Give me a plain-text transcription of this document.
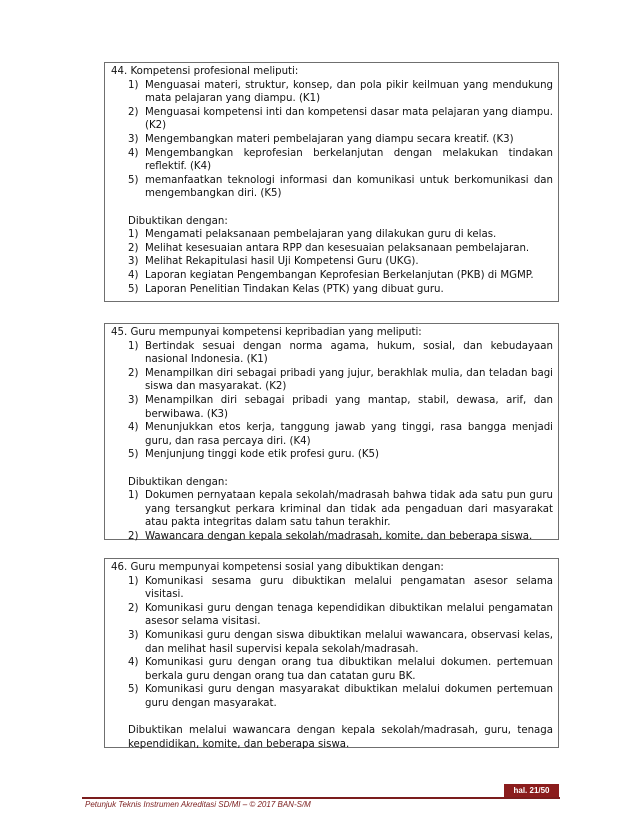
44. Kompetensi profesional meliputi:

1) Menguasai materi, struktur, konsep, dan pola pikir keilmuan yang mendukung mata pelajaran yang diampu. (K1)
2) Menguasai kompetensi inti dan kompetensi dasar mata pelajaran yang diampu. (K2)
3) Mengembangkan materi pembelajaran yang diampu secara kreatif. (K3)
4) Mengembangkan keprofesian berkelanjutan dengan melakukan tindakan reflektif. (K4)
5) memanfaatkan teknologi informasi dan komunikasi untuk berkomunikasi dan mengembangkan diri. (K5)
Dibuktikan dengan:
1) Mengamati pelaksanaan pembelajaran yang dilakukan guru di kelas.
2) Melihat kesesuaian antara RPP dan kesesuaian pelaksanaan pembelajaran.
3) Melihat Rekapitulasi hasil Uji Kompetensi Guru (UKG).
4) Laporan kegiatan Pengembangan Keprofesian Berkelanjutan (PKB) di MGMP.
5) Laporan Penelitian Tindakan Kelas (PTK) yang dibuat guru.

45. Guru mempunyai kompetensi kepribadian yang meliputi:

1) Bertindak sesuai dengan norma agama, hukum, sosial, dan kebudayaan nasional Indonesia. (K1)
2) Menampilkan diri sebagai pribadi yang jujur, berakhlak mulia, dan teladan bagi siswa dan masyarakat. (K2)
3) Menampilkan diri sebagai pribadi yang mantap, stabil, dewasa, arif, dan berwibawa. (K3)
4) Menunjukkan etos kerja, tanggung jawab yang tinggi, rasa bangga menjadi guru, dan rasa percaya diri. (K4)
5) Menjunjung tinggi kode etik profesi guru. (K5)
Dibuktikan dengan:
1) Dokumen pernyataan kepala sekolah/madrasah bahwa tidak ada satu pun guru yang tersangkut perkara kriminal dan tidak ada pengaduan dari masyarakat atau pakta integritas dalam satu tahun terakhir.
2) Wawancara dengan kepala sekolah/madrasah, komite, dan beberapa siswa.

46. Guru mempunyai kompetensi sosial yang dibuktikan dengan:

1) Komunikasi sesama guru dibuktikan melalui pengamatan asesor selama visitasi.
2) Komunikasi guru dengan tenaga kependidikan dibuktikan melalui pengamatan asesor selama visitasi.
3) Komunikasi guru dengan siswa dibuktikan melalui wawancara, observasi kelas, dan melihat hasil supervisi kepala sekolah/madrasah.
4) Komunikasi guru dengan orang tua dibuktikan melalui dokumen. pertemuan berkala guru dengan orang tua dan catatan guru BK.
5) Komunikasi guru dengan masyarakat dibuktikan melalui dokumen pertemuan guru dengan masyarakat.
Dibuktikan melalui wawancara dengan kepala sekolah/madrasah, guru, tenaga kependidikan, komite, dan beberapa siswa.
hal. 21/50
Petunjuk Teknis Instrumen Akreditasi SD/MI – © 2017 BAN-S/M
